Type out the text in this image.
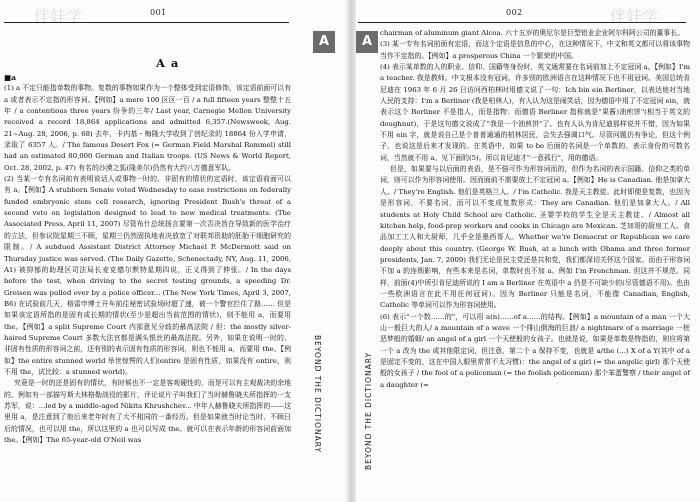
伴娃学	001
A
A a
BEYOND THE DICTIONARY

■a

(1) a 不定只能指单数的事物。复数的事物如果作为一个整体受到定语修饰，该定语前面可以有 a 或者表示不定指的形容词。【例如】a mere 100 区区一百 / a full fifteen years 整整十五年 / a contentious three years 纷争的三年/ Last year, Carnegie Mellon University received a record 18,864 applications and admitted 6,357.(Newsweek, Aug. 21~Aug. 28, 2006, p. 68) 去年，卡内基・梅隆大学收到了创纪录的 18864 份入学申请，录取了 6357 人。/ The famous Desert Fox (= German Field Marshal Rommel) still had an estimated 80,000 German and Italian troops. (US News & World Report, Oct. 28, 2002, p. 47) 有名的沙漠之狐(隆美尔)仍然有大约八万德意军队。

(2) 当某一专有名词前有表明说话人或事物一时的、非固有的情状的定语时，该定语前面可以有 a。【例如】A stubborn Senate voted Wednesday to ease restrictions on federally funded embryonic stem cell research, ignoring President Bush's threat of a second veto on legislation designed to lead to new medical treatments. (The Associated Press, April 11, 2007) 尽管布什总统扬言要第一次否决旨在导致新的医学治疗的立法，但参议院星期三不顾，星期三仍然固执地表决放宽了对联邦资助的胚胎干细胞研究的限制。/ A subdued Assistant District Attorney Michael P. McDermott said on Thursday justice was served. (The Daily Gazette, Schenectady, NY, Aug. 11, 2006, A1) 被抑郁的助理区司法局长麦克德尔默特星期四说，正义得到了伸张。/ In the days before the test, when driving to the secret testing grounds, a speeding Dr. Greisen was pulled over by a police officer... (The New York Times, April 3, 2007, B6) 在试验前几天，格雷申博士开车前往秘密试验场时超了速，被一个警官拦住了路…… 但是如果该定语所指的是固有或长期的情状(至少是超出当前范围的情状)，则不能用 a，而要用 the。【例如】a split Supreme Court 内部意见分歧的最高法院 / 但：the mostly silver-haired Supreme Court 多数大法官都是满头银丝的最高法院。另外，如果在说明一时的、非固有性质的形容词之前，还有别的表示固有性质的形容词，则也不能用 a，而要用 the。【例如】the entire stunned world 举世惊愕的人们(entire 是固有性质，如果没有 entire，则不用 the，试比较：a stunned world)。

究竟是一时的还是固有的情状，有时候也不一定是客观硬性的，而是可以有主观裁决的余地的。例如有一部描写斯大林格勒战役的影片，评论说片子叫我们了当时赫鲁晓夫所指挥的一支苏军，说：...led by a middle-aged Nikita Khrushchev... 中年人赫鲁晓夫所指挥的——这里用 a，是注意到了他后来老年时有了大不相同的一番经历。但是如果就当时论当时，不顾日后的情况，也可以用 the，所以这里的 a 也可以写成 the。就可以在表示年龄的形容词前面加 the。【例如】The 65-year-old O'Neil was

002
A
BEYOND THE DICTIONARY

chairman of aluminum giant Alcoa. 六十五岁的奥尼尔是巨型铝业企业阿尔科阿公司的董事长。

(3) 某一专有名词前面有定语，而这个定语是信息的中心，在这种情况下，中文和英文都可以将该事物当作不定指的。【例如】a prosperous China 一个繁荣的中国。

(4) 表示某单数的人的职业、信仰、国籍等身份时，英文通常要在名词前加上不定冠词 a。【例如】I'm a teacher. 我是教师。中文根本没有冠词。许多别的欧洲语言在这种情况下也不用冠词。美国总统肯尼迪在 1963 年 6 月 26 日访问西柏林时用德文说了一句：Ich bin ein Berliner，以表达他对当地人民的支持：I'm a Berliner (我是柏林人)，有人认为这是闹笑话，因为德语中用了不定冠词 ein，就表示这个 Berliner 不是指人，而是指物：而德语 Berliner 指称就是"果酱)油煎饼"(相当于英文的 doughnut)，于是这句德文说成了"我是一个油煎饼"了。也有人认为肯尼迪那样说并不错，因为如果不用 ein 字，就是说自己是个普普通通的柏林居民，会失去强调口气。尽管问题仍有争论，但这个例子，也说这是后来才发现的。在英语中，如果 to be 后面的名词是一个单数的、表示身份的可数名词，当然就不用 a。见下面的(5)。所以肯尼迪才"一意孤行"，用的德语。

但是，如果要与以后面的表语，是不强可作为形容词而的，但作为名词的表示国籍、信仰之类的单词，则可以作为形容词使用。因而面前不需要放上不定冠词 a。【例如】He is Canadian. 他是加拿大人。/ They're English. 他们是英格兰人。/ I'm Catholic. 我是天主教徒。此时即便是复数，也因为是形容词，不要名词，而可以不变成复数形式：They are Canadian. 他们是加拿大人。/ All students at Holy Child School are Catholic. 圣婴学校的学生全是天主教徒。/ Almost all kitchen help, food-prep workers and cooks in Chicago are Mexican. 芝加哥的厨房工人、食品加工工人和大厨师，几乎全是墨西哥人。Whether we're Democrat or Republican we care deeply about this country. (George W. Bush, at a lunch with Obama and three former presidents, Jan. 7, 2009) 我们无论是民主党还是共和党，我们都深切关怀这个国家。而由于形容词不加 a 的连锁影响，有些本来是名词，单数时也不加 a。例如 I'm Frenchman. 但这并不规范。同样，前面(4)中所引肯尼迪所说的 I am a Berliner 在英语中 a 仍是不可缺少的(尽管德语不用)。也由一些欧洲语言在此不用任何冠词)。因为 Berliner 只能是名词，不能像 Canadian, English, Catholic 等单词可以作为形容词使用。

(6) 表示"一个数……的"，可以用 a(n)……of a……的结构。【例如】a mountain of a man 一个大山一般巨大的人/ a mountain of a wave 一个排山倒海的巨浪/ a nightmare of a marriage 一桩恶梦般的婚姻/ an angel of a girl 一个天使般的女孩子。也就是说，如果是单数是特指的，则应将第一个 a 改为 the 或其他限定词，但注意，第二个 a 保持不变，也就是 a/the (...) X of a Y(其中 of a 是固定不变的，这在中国人眼里常常不太习惯)：the angel of a girl (= the angelic girl) 那个天使般的女孩子 / the fool of a policeman (= the foolish policeman) 那个笨蛋警察 / their angel of a daughter (=

伴娃学
